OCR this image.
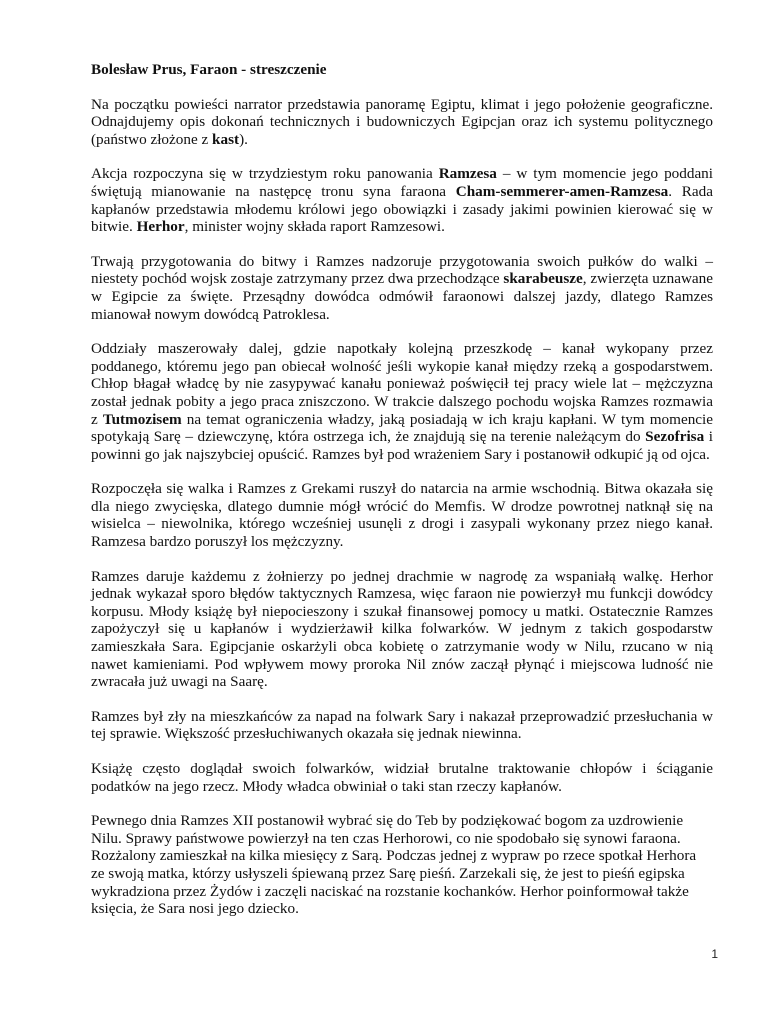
Bolesław Prus, Faraon - streszczenie

Na początku powieści narrator przedstawia panoramę Egiptu, klimat i jego położenie geograficzne. Odnajdujemy opis dokonań technicznych i budowniczych Egipcjan oraz ich systemu politycznego (państwo złożone z kast).

Akcja rozpoczyna się w trzydziestym roku panowania Ramzesa – w tym momencie jego poddani świętują mianowanie na następcę tronu syna faraona Cham-semmerer-amen-Ramzesa. Rada kapłanów przedstawia młodemu królowi jego obowiązki i zasady jakimi powinien kierować się w bitwie. Herhor, minister wojny składa raport Ramzesowi.

Trwają przygotowania do bitwy i Ramzes nadzoruje przygotowania swoich pułków do walki – niestety pochód wojsk zostaje zatrzymany przez dwa przechodzące skarabeusze, zwierzęta uznawane w Egipcie za święte. Przesądny dowódca odmówił faraonowi dalszej jazdy, dlatego Ramzes mianował nowym dowódcą Patroklesa.

Oddziały maszerowały dalej, gdzie napotkały kolejną przeszkodę – kanał wykopany przez poddanego, któremu jego pan obiecał wolność jeśli wykopie kanał między rzeką a gospodarstwem. Chłop błagał władcę by nie zasypywać kanału ponieważ poświęcił tej pracy wiele lat – mężczyzna został jednak pobity a jego praca zniszczono. W trakcie dalszego pochodu wojska Ramzes rozmawia z Tutmozisem na temat ograniczenia władzy, jaką posiadają w ich kraju kapłani. W tym momencie spotykają Sarę – dziewczynę, która ostrzega ich, że znajdują się na terenie należącym do Sezofrisa i powinni go jak najszybciej opuścić. Ramzes był pod wrażeniem Sary i postanowił odkupić ją od ojca.

Rozpoczęła się walka i Ramzes z Grekami ruszył do natarcia na armie wschodnią. Bitwa okazała się dla niego zwycięska, dlatego dumnie mógł wrócić do Memfis. W drodze powrotnej natknął się na wisielca – niewolnika, którego wcześniej usunęli z drogi i zasypali wykonany przez niego kanał. Ramzesa bardzo poruszył los mężczyzny.

Ramzes daruje każdemu z żołnierzy po jednej drachmie w nagrodę za wspaniałą walkę. Herhor jednak wykazał sporo błędów taktycznych Ramzesa, więc faraon nie powierzył mu funkcji dowódcy korpusu. Młody książę był niepocieszony i szukał finansowej pomocy u matki. Ostatecznie Ramzes zapożyczył się u kapłanów i wydzierżawił kilka folwarków. W jednym z takich gospodarstw zamieszkała Sara. Egipcjanie oskarżyli obca kobietę o zatrzymanie wody w Nilu, rzucano w nią nawet kamieniami. Pod wpływem mowy proroka Nil znów zaczął płynąć i miejscowa ludność nie zwracała już uwagi na Saarę.

Ramzes był zły na mieszkańców za napad na folwark Sary i nakazał przeprowadzić przesłuchania w tej sprawie. Większość przesłuchiwanych okazała się jednak niewinna.

Książę często doglądał swoich folwarków, widział brutalne traktowanie chłopów i ściąganie podatków na jego rzecz. Młody władca obwiniał o taki stan rzeczy kapłanów.

Pewnego dnia Ramzes XII postanowił wybrać się do Teb by podziękować bogom za uzdrowienie Nilu. Sprawy państwowe powierzył na ten czas Herhorowi, co nie spodobało się synowi faraona. Rozżalony zamieszkał na kilka miesięcy z Sarą. Podczas jednej z wypraw po rzece spotkał Herhora ze swoją matka, którzy usłyszeli śpiewaną przez Sarę pieśń. Zarzekali się, że jest to pieśń egipska wykradziona przez Żydów i zaczęli naciskać na rozstanie kochanków. Herhor poinformował także księcia, że Sara nosi jego dziecko.

1
